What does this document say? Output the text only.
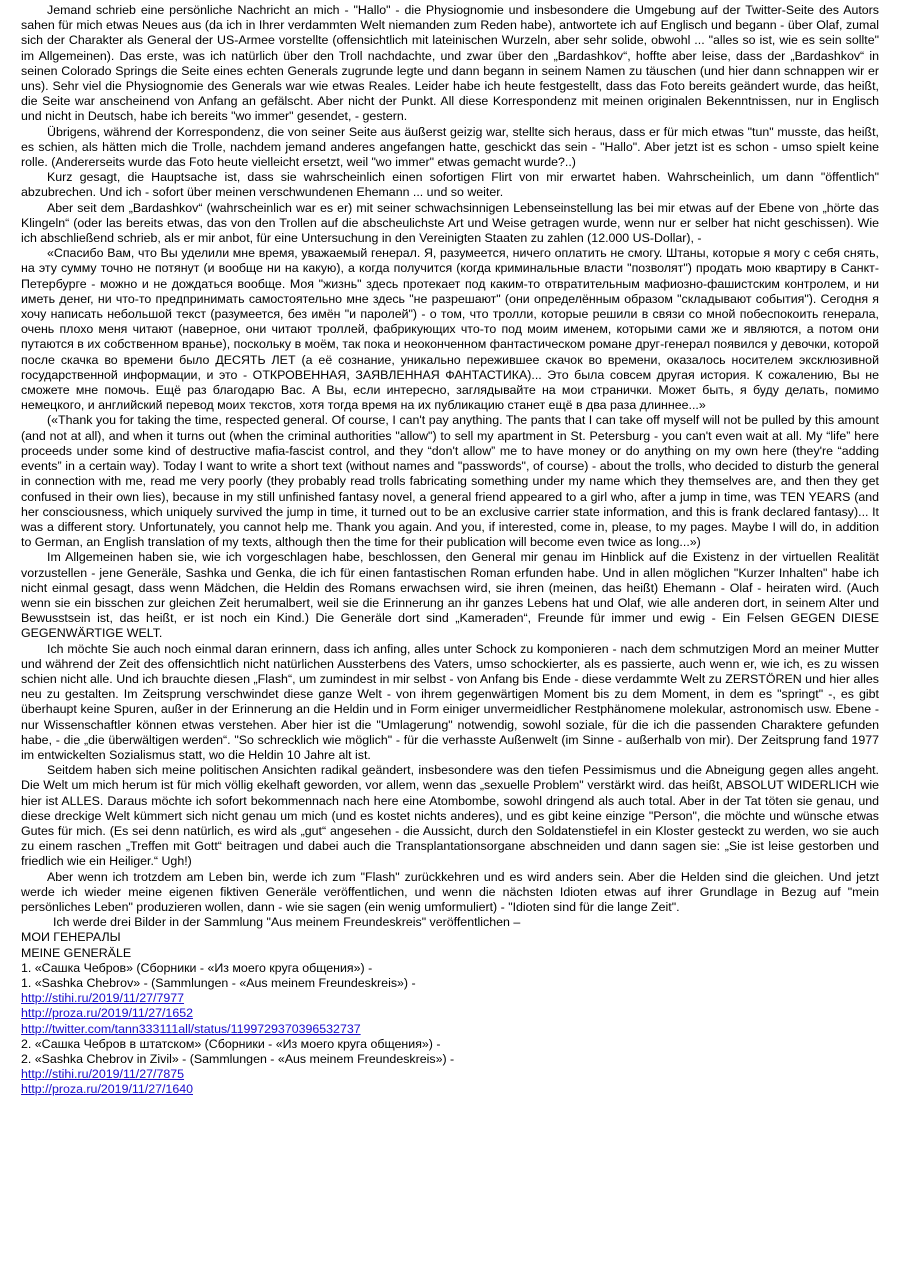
Jemand schrieb eine persönliche Nachricht an mich - "Hallo" - die Physiognomie und insbesondere die Umgebung auf der Twitter-Seite des Autors sahen für mich etwas Neues aus (da ich in Ihrer verdammten Welt niemanden zum Reden habe), antwortete ich auf Englisch und begann - über Olaf, zumal sich der Charakter als General der US-Armee vorstellte (offensichtlich mit lateinischen Wurzeln, aber sehr solide, obwohl ... "alles so ist, wie es sein sollte" im Allgemeinen). Das erste, was ich natürlich über den Troll nachdachte, und zwar über den „Bardashkov“, hoffte aber leise, dass der „Bardashkov“ in seinen Colorado Springs die Seite eines echten Generals zugrunde legte und dann begann in seinem Namen zu täuschen (und hier dann schnappen wir er uns). Sehr viel die Physiognomie des Generals war wie etwas Reales. Leider habe ich heute festgestellt, dass das Foto bereits geändert wurde, das heißt, die Seite war anscheinend von Anfang an gefälscht. Aber nicht der Punkt. All diese Korrespondenz mit meinen originalen Bekenntnissen, nur in Englisch und nicht in Deutsch, habe ich bereits "wo immer" gesendet, - gestern.

Übrigens, während der Korrespondenz, die von seiner Seite aus äußerst geizig war, stellte sich heraus, dass er für mich etwas "tun" musste, das heißt, es schien, als hätten mich die Trolle, nachdem jemand anderes angefangen hatte, geschickt das sein - "Hallo". Aber jetzt ist es schon - umso spielt keine rolle. (Andererseits wurde das Foto heute vielleicht ersetzt, weil "wo immer" etwas gemacht wurde?..)

Kurz gesagt, die Hauptsache ist, dass sie wahrscheinlich einen sofortigen Flirt von mir erwartet haben. Wahrscheinlich, um dann "öffentlich" abzubrechen. Und ich - sofort über meinen verschwundenen Ehemann ... und so weiter.

Aber seit dem „Bardashkov“ (wahrscheinlich war es er) mit seiner schwachsinnigen Lebenseinstellung las bei mir etwas auf der Ebene von „hörte das Klingeln“ (oder las bereits etwas, das von den Trollen auf die abscheulichste Art und Weise getragen wurde, wenn nur er selber hat nicht geschissen). Wie ich abschließend schrieb, als er mir anbot, für eine Untersuchung in den Vereinigten Staaten zu zahlen (12.000 US-Dollar), -

«Спасибо Вам, что Вы уделили мне время, уважаемый генерал. Я, разумеется, ничего оплатить не смогу. Штаны, которые я могу с себя снять, на эту сумму точно не потянут (и вообще ни на какую), а когда получится (когда криминальные власти "позволят") продать мою квартиру в Санкт-Петербурге - можно и не дождаться вообще. Моя "жизнь" здесь протекает под каким-то отвратительным мафиозно-фашистским контролем, и ни иметь денег, ни что-то предпринимать самостоятельно мне здесь "не разрешают" (они определённым образом "складывают события"). Сегодня я хочу написать небольшой текст (разумеется, без имён "и паролей") - о том, что тролли, которые решили в связи со мной побеспокоить генерала, очень плохо меня читают (наверное, они читают троллей, фабрикующих что-то под моим именем, которыми сами же и являются, а потом они путаются в их собственном вранье), поскольку в моём, так пока и неоконченном фантастическом романе друг-генерал появился у девочки, которой после скачка во времени было ДЕСЯТЬ ЛЕТ (а её сознание, уникально пережившее скачок во времени, оказалось носителем эксклюзивной государственной информации, и это - ОТКРОВЕННАЯ, ЗАЯВЛЕННАЯ ФАНТАСТИКА)... Это была совсем другая история. К сожалению, Вы не сможете мне помочь. Ещё раз благодарю Вас. А Вы, если интересно, заглядывайте на мои странички. Может быть, я буду делать, помимо немецкого, и английский перевод моих текстов, хотя тогда время на их публикацию станет ещё в два раза длиннее...»

(«Thank you for taking the time, respected general. Of course, I can't pay anything. The pants that I can take off myself will not be pulled by this amount (and not at all), and when it turns out (when the criminal authorities "allow") to sell my apartment in St. Petersburg - you can't even wait at all. My “life” here proceeds under some kind of destructive mafia-fascist control, and they “don't allow” me to have money or do anything on my own here (they're “adding events” in a certain way). Today I want to write a short text (without names and "passwords", of course) - about the trolls, who decided to disturb the general in connection with me, read me very poorly (they probably read trolls fabricating something under my name which they themselves are, and then they get confused in their own lies), because in my still unfinished fantasy novel, a general friend appeared to a girl who, after a jump in time, was TEN YEARS (and her consciousness, which uniquely survived the jump in time, it turned out to be an exclusive carrier state information, and this is frank declared fantasy)... It was a different story. Unfortunately, you cannot help me. Thank you again. And you, if interested, come in, please, to my pages. Maybe I will do, in addition to German, an English translation of my texts, although then the time for their publication will become even twice as long...»)

Im Allgemeinen haben sie, wie ich vorgeschlagen habe, beschlossen, den General mir genau im Hinblick auf die Existenz in der virtuellen Realität vorzustellen - jene Generäle, Sashka und Genka, die ich für einen fantastischen Roman erfunden habe. Und in allen möglichen "Kurzer Inhalten" habe ich nicht einmal gesagt, dass wenn Mädchen, die Heldin des Romans erwachsen wird, sie ihren (meinen, das heißt) Ehemann - Olaf - heiraten wird. (Auch wenn sie ein bisschen zur gleichen Zeit herumalbert, weil sie die Erinnerung an ihr ganzes Lebens hat und Olaf, wie alle anderen dort, in seinem Alter und Bewusstsein ist, das heißt, er ist noch ein Kind.) Die Generäle dort sind „Kameraden“, Freunde für immer und ewig - Ein Felsen GEGEN DIESE GEGENWÄRTIGE WELT.

Ich möchte Sie auch noch einmal daran erinnern, dass ich anfing, alles unter Schock zu komponieren - nach dem schmutzigen Mord an meiner Mutter und während der Zeit des offensichtlich nicht natürlichen Aussterbens des Vaters, umso schockierter, als es passierte, auch wenn er, wie ich, es zu wissen schien nicht alle. Und ich brauchte diesen „Flash“, um zumindest in mir selbst - von Anfang bis Ende - diese verdammte Welt zu ZERSTÖREN und hier alles neu zu gestalten. Im Zeitsprung verschwindet diese ganze Welt - von ihrem gegenwärtigen Moment bis zu dem Moment, in dem es "springt" -, es gibt überhaupt keine Spuren, außer in der Erinnerung an die Heldin und in Form einiger unvermeidlicher Restphänomene molekular, astronomisch usw. Ebene - nur Wissenschaftler können etwas verstehen. Aber hier ist die "Umlagerung" notwendig, sowohl soziale, für die ich die passenden Charaktere gefunden habe, - die „die überwältigen werden“. "So schrecklich wie möglich" - für die verhasste Außenwelt (im Sinne - außerhalb von mir). Der Zeitsprung fand 1977 im entwickelten Sozialismus statt, wo die Heldin 10 Jahre alt ist.

Seitdem haben sich meine politischen Ansichten radikal geändert, insbesondere was den tiefen Pessimismus und die Abneigung gegen alles angeht. Die Welt um mich herum ist für mich völlig ekelhaft geworden, vor allem, wenn das „sexuelle Problem" verstärkt wird. das heißt, ABSOLUT WIDERLICH wie hier ist ALLES. Daraus möchte ich sofort bekommennach nach here eine Atombombe, sowohl dringend als auch total. Aber in der Tat töten sie genau, und diese dreckige Welt kümmert sich nicht genau um mich (und es kostet nichts anderes), und es gibt keine einzige "Person", die möchte und wünsche etwas Gutes für mich. (Es sei denn natürlich, es wird als „gut“ angesehen - die Aussicht, durch den Soldatenstiefel in ein Kloster gesteckt zu werden, wo sie auch zu einem raschen „Treffen mit Gott“ beitragen und dabei auch die Transplantationsorgane abschneiden und dann sagen sie: „Sie ist leise gestorben und friedlich wie ein Heiliger.“ Ugh!)

Aber wenn ich trotzdem am Leben bin, werde ich zum "Flash" zurückkehren und es wird anders sein. Aber die Helden sind die gleichen. Und jetzt werde ich wieder meine eigenen fiktiven Generäle veröffentlichen, und wenn die nächsten Idioten etwas auf ihrer Grundlage in Bezug auf "mein persönliches Leben" produzieren wollen, dann - wie sie sagen (ein wenig umformuliert) - "Idioten sind für die lange Zeit".

Ich werde drei Bilder in der Sammlung "Aus meinem Freundeskreis" veröffentlichen –

МОИ ГЕНЕРАЛЫ
MEINE GENERÄLE
1. «Сашка Чебров» (Сборники - «Из моего круга общения») -
1. «Sashka Chebrov» - (Sammlungen - «Aus meinem Freundeskreis») -
http://stihi.ru/2019/11/27/7977
http://proza.ru/2019/11/27/1652
http://twitter.com/tann333111all/status/1199729370396532737
2. «Сашка Чебров в штатском» (Сборники - «Из моего круга общения») -
2. «Sashka Chebrov in Zivil» - (Sammlungen - «Aus meinem Freundeskreis») -
http://stihi.ru/2019/11/27/7875
http://proza.ru/2019/11/27/1640
